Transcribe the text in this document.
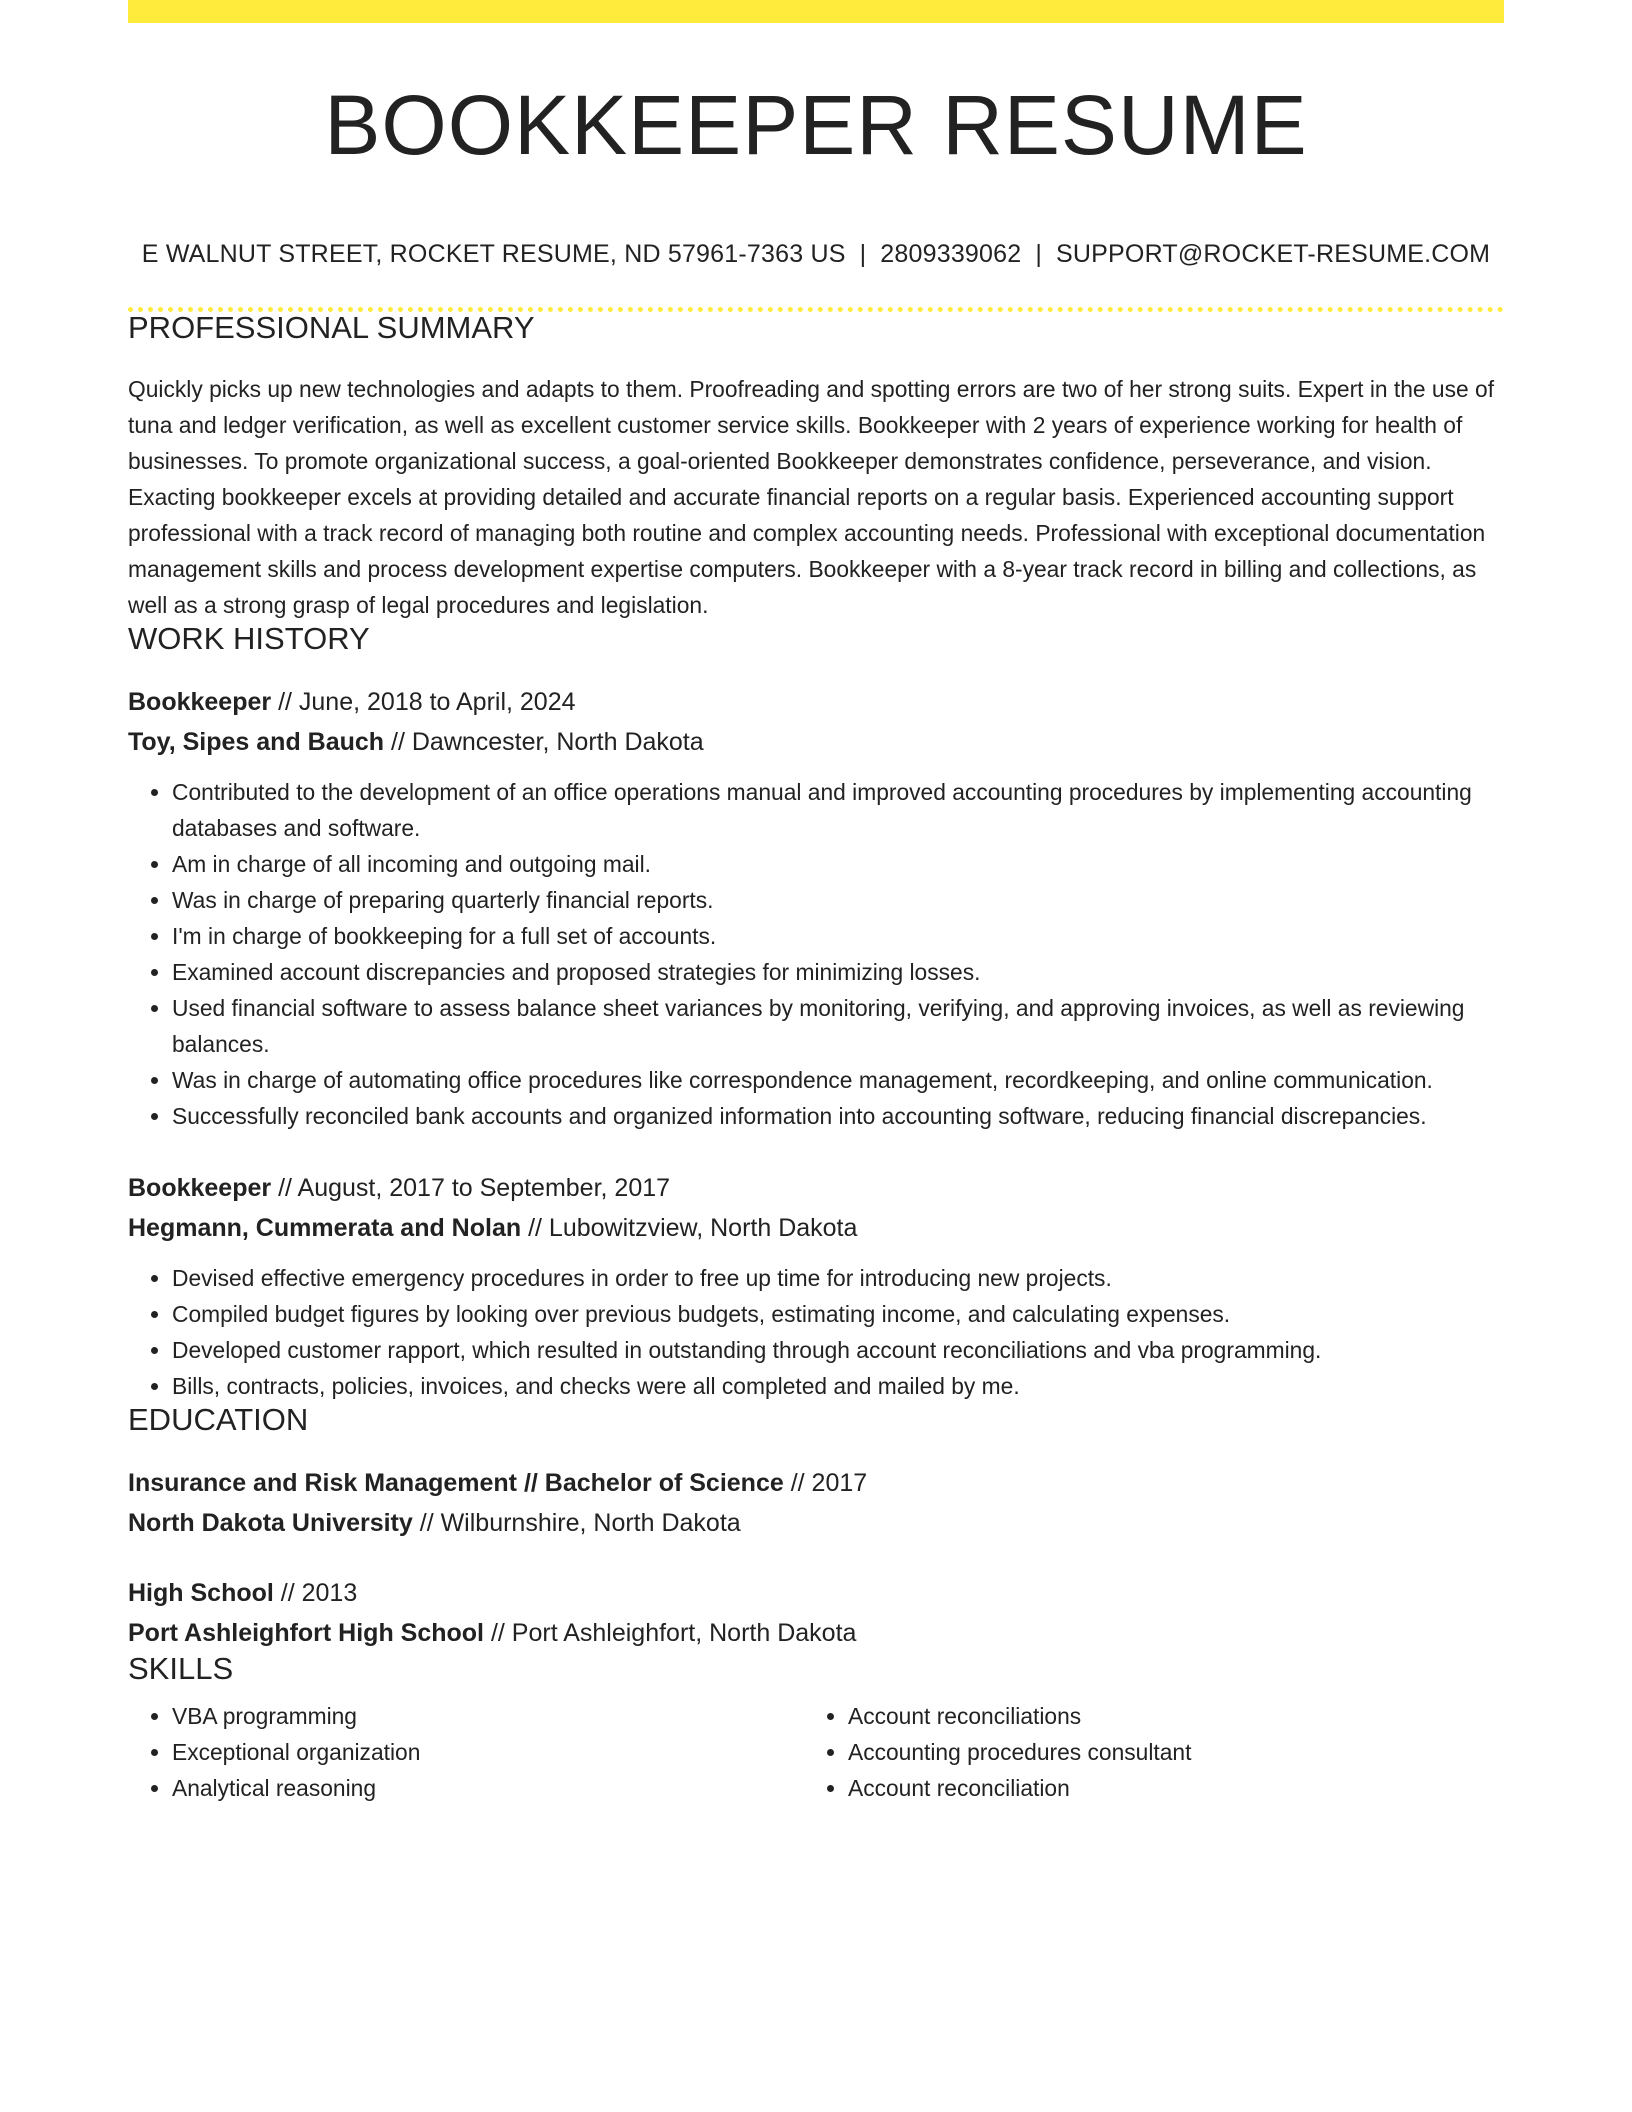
BOOKKEEPER RESUME
E WALNUT STREET, ROCKET RESUME, ND 57961-7363 US | 2809339062 | SUPPORT@ROCKET-RESUME.COM
PROFESSIONAL SUMMARY

Quickly picks up new technologies and adapts to them. Proofreading and spotting errors are two of her strong suits. Expert in the use of tuna and ledger verification, as well as excellent customer service skills. Bookkeeper with 2 years of experience working for health of businesses. To promote organizational success, a goal-oriented Bookkeeper demonstrates confidence, perseverance, and vision. Exacting bookkeeper excels at providing detailed and accurate financial reports on a regular basis. Experienced accounting support professional with a track record of managing both routine and complex accounting needs. Professional with exceptional documentation management skills and process development expertise computers. Bookkeeper with a 8-year track record in billing and collections, as well as a strong grasp of legal procedures and legislation.

WORK HISTORY
Bookkeeper // June, 2018 to April, 2024
Toy, Sipes and Bauch // Dawncester, North Dakota
• Contributed to the development of an office operations manual and improved accounting procedures by implementing accounting databases and software.
• Am in charge of all incoming and outgoing mail.
• Was in charge of preparing quarterly financial reports.
• I'm in charge of bookkeeping for a full set of accounts.
• Examined account discrepancies and proposed strategies for minimizing losses.
• Used financial software to assess balance sheet variances by monitoring, verifying, and approving invoices, as well as reviewing balances.
• Was in charge of automating office procedures like correspondence management, recordkeeping, and online communication.
• Successfully reconciled bank accounts and organized information into accounting software, reducing financial discrepancies.
Bookkeeper // August, 2017 to September, 2017
Hegmann, Cummerata and Nolan // Lubowitzview, North Dakota
• Devised effective emergency procedures in order to free up time for introducing new projects.
• Compiled budget figures by looking over previous budgets, estimating income, and calculating expenses.
• Developed customer rapport, which resulted in outstanding through account reconciliations and vba programming.
• Bills, contracts, policies, invoices, and checks were all completed and mailed by me.
EDUCATION
Insurance and Risk Management // Bachelor of Science // 2017
North Dakota University // Wilburnshire, North Dakota
High School // 2013
Port Ashleighfort High School // Port Ashleighfort, North Dakota
SKILLS
• VBA programming
• Exceptional organization
• Analytical reasoning
• Account reconciliations
• Accounting procedures consultant
• Account reconciliation
